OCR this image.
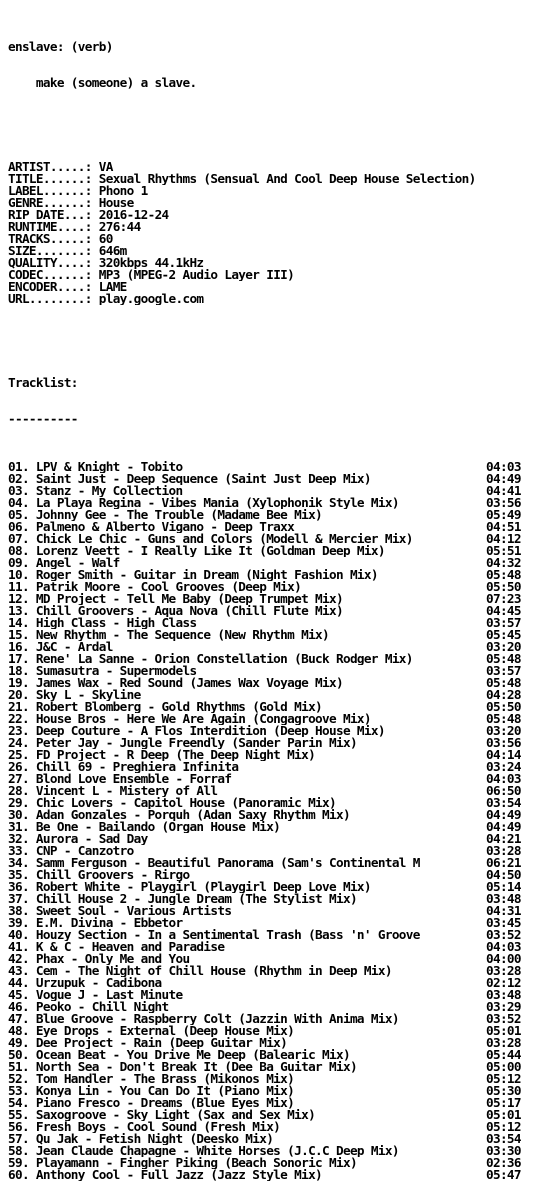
enslave: (verb)

make (someone) a slave.

ARTIST.....: VA
TITLE......: Sexual Rhythms (Sensual And Cool Deep House Selection)
LABEL......: Phono 1
GENRE......: House
RIP DATE...: 2016-12-24
RUNTIME....: 276:44
TRACKS.....: 60
SIZE.......: 646m
QUALITY....: 320kbps 44.1kHz
CODEC......: MP3 (MPEG-2 Audio Layer III)
ENCODER....: LAME
URL........: play.google.com

Tracklist:

----------

01. LPV & Knight - Tobito	04:03
02. Saint Just - Deep Sequence (Saint Just Deep Mix)	04:49
03. Stanz - My Collection	04:41
04. La Playa Regina - Vibes Mania (Xylophonik Style Mix)	03:56
05. Johnny Gee - The Trouble (Madame Bee Mix)	05:49
06. Palmeno & Alberto Vigano - Deep Traxx	04:51
07. Chick Le Chic - Guns and Colors (Modell & Mercier Mix)	04:12
08. Lorenz Veett - I Really Like It (Goldman Deep Mix)	05:51
09. Angel - Walf	04:32
10. Roger Smith - Guitar in Dream (Night Fashion Mix)	05:48
11. Patrik Moore - Cool Grooves (Deep Mix)	05:50
12. MD Project - Tell Me Baby (Deep Trumpet Mix)	07:23
13. Chill Groovers - Aqua Nova (Chill Flute Mix)	04:45
14. High Class - High Class	03:57
15. New Rhythm - The Sequence (New Rhythm Mix)	05:45
16. J&C - Ardal	03:20
17. Rene' La Sanne - Orion Constellation (Buck Rodger Mix)	05:48
18. Sumasutra - Supermodels	03:57
19. James Wax - Red Sound (James Wax Voyage Mix)	05:48
20. Sky L - Skyline	04:28
21. Robert Blomberg - Gold Rhythms (Gold Mix)	05:50
22. House Bros - Here We Are Again (Congagroove Mix)	05:48
23. Deep Couture - A Flos Interdition (Deep House Mix)	03:20
24. Peter Jay - Jungle Freendly (Sander Parin Mix)	03:56
25. FD Project - R Deep (The Deep Night Mix)	04:14
26. Chill 69 - Preghiera Infinita	03:24
27. Blond Love Ensemble - Forraf	04:03
28. Vincent L - Mistery of All	06:50
29. Chic Lovers - Capitol House (Panoramic Mix)	03:54
30. Adan Gonzales - Porquh (Adan Saxy Rhythm Mix)	04:49
31. Be One - Bailando (Organ House Mix)	04:49
32. Aurora - Sad Day	04:21
33. CNP - Canzotro	03:28
34. Samm Ferguson - Beautiful Panorama (Sam's Continental M	06:21
35. Chill Groovers - Rirgo	04:50
36. Robert White - Playgirl (Playgirl Deep Love Mix)	05:14
37. Chill House 2 - Jungle Dream (The Stylist Mix)	03:48
38. Sweet Soul - Various Artists	04:31
39. E.M. Divina - Ebbetor	03:45
40. Houzy Section - In a Sentimental Trash (Bass 'n' Groove	03:52
41. K & C - Heaven and Paradise	04:03
42. Phax - Only Me and You	04:00
43. Cem - The Night of Chill House (Rhythm in Deep Mix)	03:28
44. Urzupuk - Cadibona	02:12
45. Vogue J - Last Minute	03:48
46. Peoko - Chill Night	03:29
47. Blue Groove - Raspberry Colt (Jazzin With Anima Mix)	03:52
48. Eye Drops - External (Deep House Mix)	05:01
49. Dee Project - Rain (Deep Guitar Mix)	03:28
50. Ocean Beat - You Drive Me Deep (Balearic Mix)	05:44
51. North Sea - Don't Break It (Dee Ba Guitar Mix)	05:00
52. Tom Handler - The Brass (Mikonos Mix)	05:12
53. Konya Lin - You Can Do It (Piano Mix)	05:30
54. Piano Fresco - Dreams (Blue Eyes Mix)	05:17
55. Saxogroove - Sky Light (Sax and Sex Mix)	05:01
56. Fresh Boys - Cool Sound (Fresh Mix)	05:12
57. Qu Jak - Fetish Night (Deesko Mix)	03:54
58. Jean Claude Chapagne - White Horses (J.C.C Deep Mix)	03:30
59. Playamann - Fingher Piking (Beach Sonoric Mix)	02:36
60. Anthony Cool - Full Jazz (Jazz Style Mix)	05:47
